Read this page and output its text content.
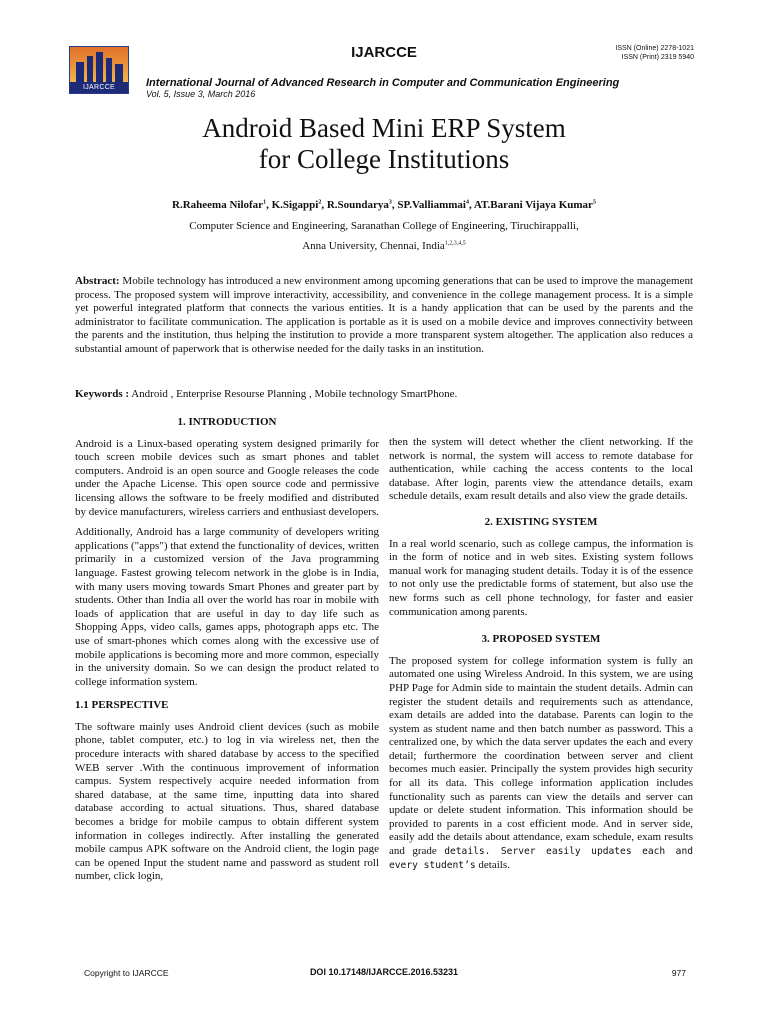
IJARCCE
IJARCCE	ISSN (Online) 2278-1021
ISSN (Print) 2319 5940
International Journal of Advanced Research in Computer and Communication Engineering
Vol. 5, Issue 3, March 2016
Android Based Mini ERP System
for College Institutions
R.Raheema Nilofar$^1$, K.Sigappi$^2$, R.Soundarya$^3$, SP.Valliammai$^4$, AT.Barani Vijaya Kumar$^5$
Computer Science and Engineering, Saranathan College of Engineering, Tiruchirappalli,
Anna University, Chennai, India$^{1,2,3,4,5}$

Abstract: Mobile technology has introduced a new environment among upcoming generations that can be used to improve the management process. The proposed system will improve interactivity, accessibility, and convenience in the college management process. It is a simple yet powerful integrated platform that connects the various entities. It is a handy application that can be used by the parents and the administrator to facilitate communication. The application is portable as it is used on a mobile device and improves connectivity between the parents and the institution, thus helping the institution to provide a more transparent system altogether. The application also reduces a substantial amount of paperwork that is otherwise needed for the daily tasks in an institution.

Keywords : Android , Enterprise Resourse Planning , Mobile technology SmartPhone.

1. INTRODUCTION

Android is a Linux-based operating system designed primarily for touch screen mobile devices such as smart phones and tablet computers. Android is an open source and Google releases the code under the Apache License. This open source code and permissive licensing allows the software to be freely modified and distributed by device manufacturers, wireless carriers and enthusiast developers.

Additionally, Android has a large community of developers writing applications ("apps") that extend the functionality of devices, written primarily in a customized version of the Java programming language. Fastest growing telecom network in the globe is in India, with many users moving towards Smart Phones and greater part by students. Other than India all over the world has roar in mobile with loads of application that are useful in day to day life such as Shopping Apps, video calls, games apps, photograph apps etc. The use of smart-phones which comes along with the excessive use of mobile applications is becoming more and more common, especially in the university domain. So we can design the product related to college information system.

1.1 PERSPECTIVE

The software mainly uses Android client devices (such as mobile phone, tablet computer, etc.) to log in via wireless net, then the procedure interacts with shared database by access to the specified WEB server .With the continuous improvement of information campus. System respectively acquire needed information from shared database, at the same time, inputting data into shared database according to actual situations. Thus, shared database becomes a bridge for mobile campus to obtain different system information in colleges indirectly. After installing the generated mobile campus APK software on the Android client, the login page can be opened Input the student name and password as student roll number, click login,

then the system will detect whether the client networking. If the network is normal, the system will access to remote database for authentication, while caching the access contents to the local database. After login, parents view the attendance details, exam schedule details, exam result details and also view the grade details.

2. EXISTING SYSTEM

In a real world scenario, such as college campus, the information is in the form of notice and in web sites. Existing system follows manual work for managing student details. Today it is of the essence to not only use the predictable forms of statement, but also use the new forms such as cell phone technology, for faster and easier communication among parents.

3. PROPOSED SYSTEM

The proposed system for college information system is fully an automated one using Wireless Android. In this system, we are using PHP Page for Admin side to maintain the student details. Admin can register the student details and requirements such as attendance, exam details are added into the database. Parents can login to the system as student name and then batch number as password. This a centralized one, by which the data server updates the each and every detail; furthermore the coordination between server and client becomes much easier. Principally the system provides high security for all its data. This college information application includes functionality such as parents can view the details and server can update or delete student information. This information should be provided to parents in a cost efficient mode. And in server side, easily add the details about attendance, exam schedule, exam results and grade details. Server easily updates each and every student’s details.

Copyright to IJARCCE	DOI 10.17148/IJARCCE.2016.53231	977
